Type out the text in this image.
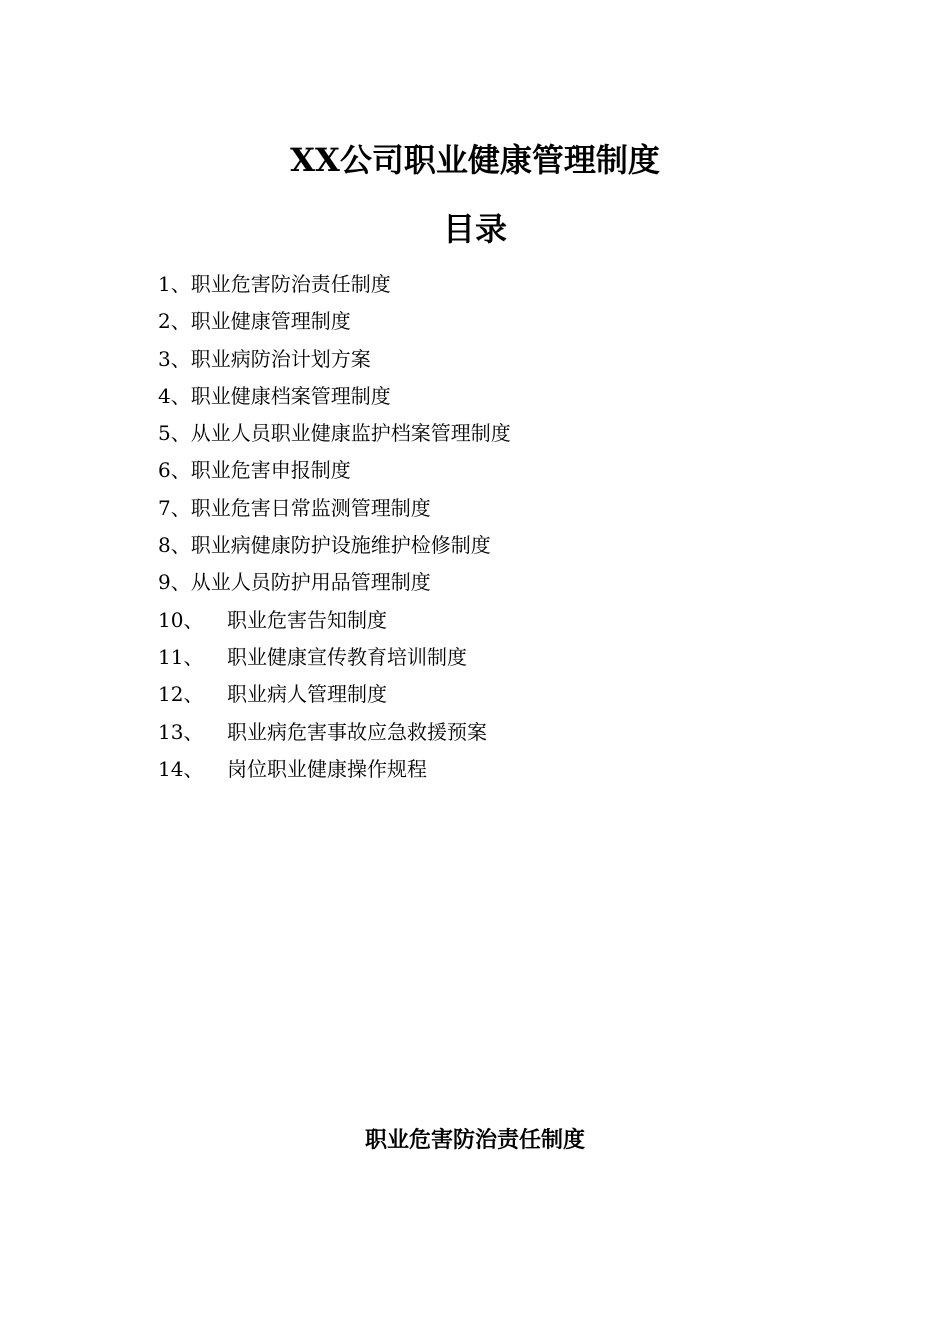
XX公司职业健康管理制度
目录
1、 职业危害防治责任制度
2、 职业健康管理制度
3、 职业病防治计划方案
4、 职业健康档案管理制度
5、 从业人员职业健康监护档案管理制度
6、 职业危害申报制度
7、 职业危害日常监测管理制度
8、 职业病健康防护设施维护检修制度
9、 从业人员防护用品管理制度
10、	职业危害告知制度
11、	职业健康宣传教育培训制度
12、	职业病人管理制度
13、	职业病危害事故应急救援预案
14、	岗位职业健康操作规程
职业危害防治责任制度
